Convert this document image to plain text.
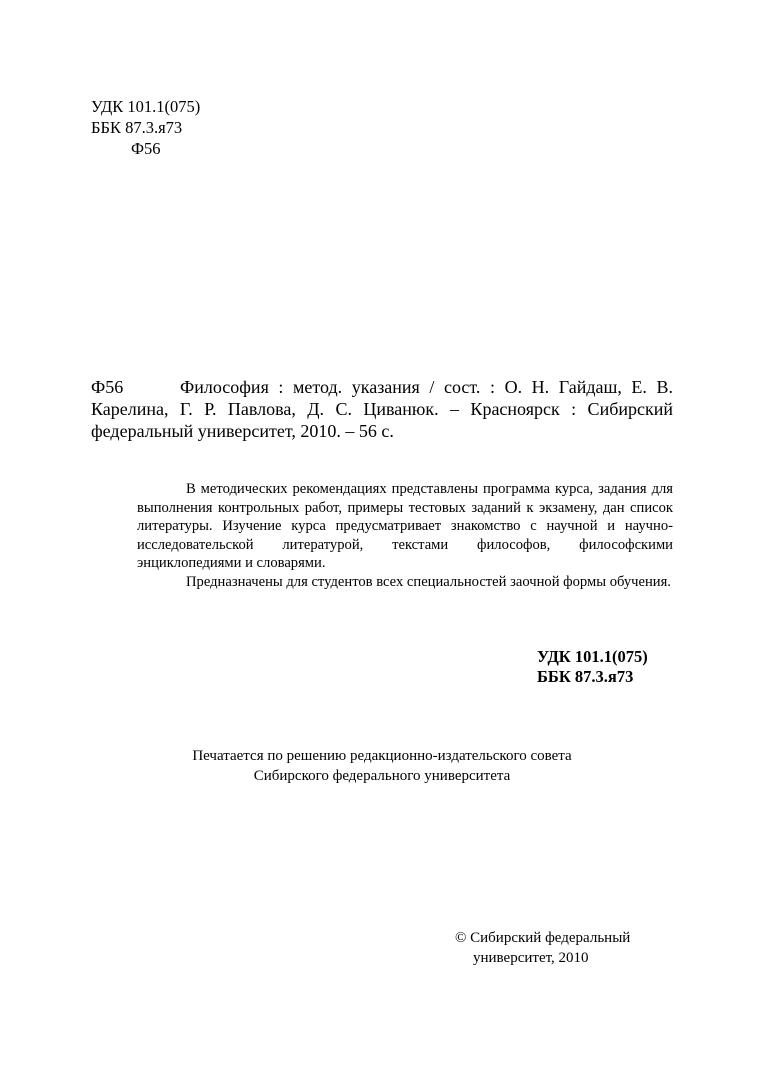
УДК 101.1(075)
ББК 87.3.я73
Ф56
Ф56	Философия : метод. указания / сост. : О. Н. Гайдаш, Е. В. Карелина, Г. Р. Павлова, Д. С. Циванюк. – Красноярск : Сибирский федеральный университет, 2010. – 56 с.

В методических рекомендациях представлены программа курса, задания для выполнения контрольных работ, примеры тестовых заданий к экзамену, дан список литературы. Изучение курса предусматривает знакомство с научной и научно-исследовательской литературой, текстами философов, философскими энциклопедиями и словарями.

Предназначены для студентов всех специальностей заочной формы обучения.

УДК 101.1(075)
ББК 87.3.я73
Печатается по решению редакционно-издательского совета
Сибирского федерального университета
© Сибирский федеральный
университет, 2010
